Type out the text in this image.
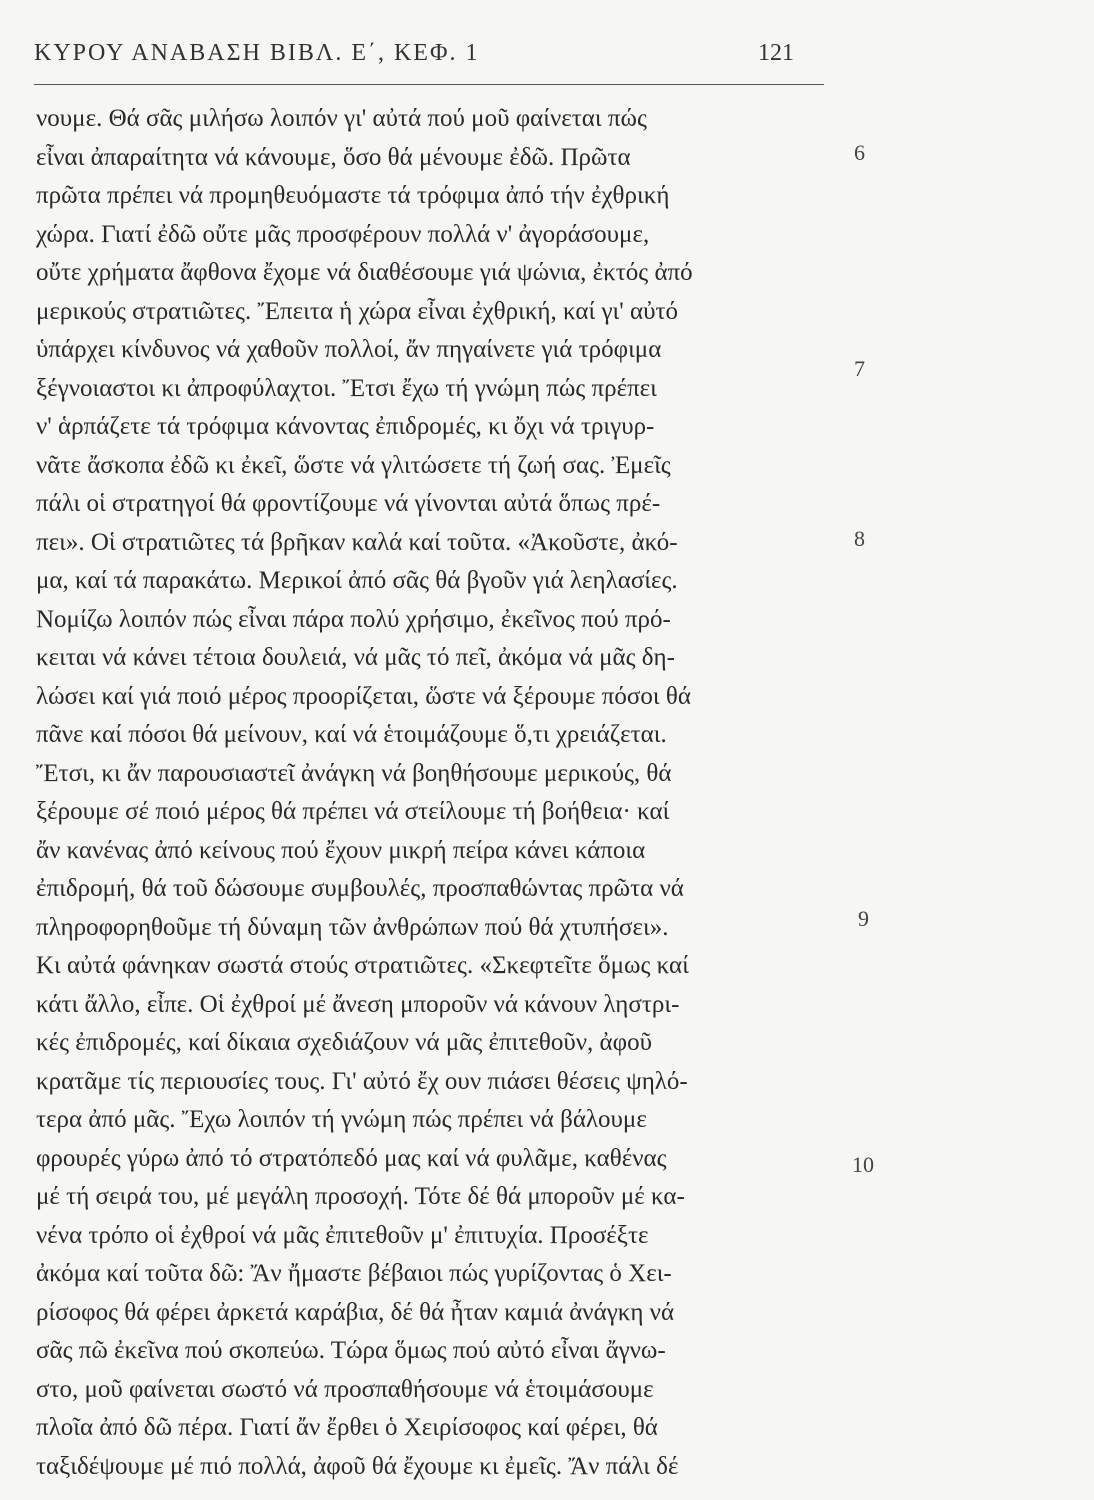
ΚΥΡΟΥ ΑΝΑΒΑΣΗ ΒΙΒΛ. Ε΄, ΚΕΦ. 1	121
νουμε. Θά σᾶς μιλήσω λοιπόν γι' αὐτά πού μοῦ φαίνεται πώς
εἶναι ἀπαραίτητα νά κάνουμε, ὅσο θά μένουμε ἐδῶ. Πρῶτα
πρῶτα πρέπει νά προμηθευόμαστε τά τρόφιμα ἀπό τήν ἐχθρική
χώρα. Γιατί ἐδῶ οὔτε μᾶς προσφέρουν πολλά ν' ἀγοράσουμε,
οὔτε χρήματα ἄφθονα ἔχομε νά διαθέσουμε γιά ψώνια, ἐκτός ἀπό
μερικούς στρατιῶτες. Ἔπειτα ἡ χώρα εἶναι ἐχθρική, καί γι' αὐτό
ὑπάρχει κίνδυνος νά χαθοῦν πολλοί, ἄν πηγαίνετε γιά τρόφιμα
ξέγνοιαστοι κι ἀπροφύλαχτοι. Ἔτσι ἔχω τή γνώμη πώς πρέπει
ν' ἁρπάζετε τά τρόφιμα κάνοντας ἐπιδρομές, κι ὄχι νά τριγυρ-
νᾶτε ἄσκοπα ἐδῶ κι ἐκεῖ, ὥστε νά γλιτώσετε τή ζωή σας. Ἐμεῖς
πάλι οἱ στρατηγοί θά φροντίζουμε νά γίνονται αὐτά ὅπως πρέ-
πει». Οἱ στρατιῶτες τά βρῆκαν καλά καί τοῦτα. «Ἀκοῦστε, ἀκό-
μα, καί τά παρακάτω. Μερικοί ἀπό σᾶς θά βγοῦν γιά λεηλασίες.
Νομίζω λοιπόν πώς εἶναι πάρα πολύ χρήσιμο, ἐκεῖνος πού πρό-
κειται νά κάνει τέτοια δουλειά, νά μᾶς τό πεῖ, ἀκόμα νά μᾶς δη-
λώσει καί γιά ποιό μέρος προορίζεται, ὥστε νά ξέρουμε πόσοι θά
πᾶνε καί πόσοι θά μείνουν, καί νά ἑτοιμάζουμε ὅ,τι χρειάζεται.
Ἔτσι, κι ἄν παρουσιαστεῖ ἀνάγκη νά βοηθήσουμε μερικούς, θά
ξέρουμε σέ ποιό μέρος θά πρέπει νά στείλουμε τή βοήθεια· καί
ἄν κανένας ἀπό κείνους πού ἔχουν μικρή πείρα κάνει κάποια
ἐπιδρομή, θά τοῦ δώσουμε συμβουλές, προσπαθώντας πρῶτα νά
πληροφορηθοῦμε τή δύναμη τῶν ἀνθρώπων πού θά χτυπήσει».
Κι αὐτά φάνηκαν σωστά στούς στρατιῶτες. «Σκεφτεῖτε ὅμως καί
κάτι ἄλλο, εἶπε. Οἱ ἐχθροί μέ ἄνεση μποροῦν νά κάνουν ληστρι-
κές ἐπιδρομές, καί δίκαια σχεδιάζουν νά μᾶς ἐπιτεθοῦν, ἀφοῦ
κρατᾶμε τίς περιουσίες τους. Γι' αὐτό ἔχ ουν πιάσει θέσεις ψηλό-
τερα ἀπό μᾶς. Ἔχω λοιπόν τή γνώμη πώς πρέπει νά βάλουμε
φρουρές γύρω ἀπό τό στρατόπεδό μας καί νά φυλᾶμε, καθένας
μέ τή σειρά του, μέ μεγάλη προσοχή. Τότε δέ θά μποροῦν μέ κα-
νένα τρόπο οἱ ἐχθροί νά μᾶς ἐπιτεθοῦν μ' ἐπιτυχία. Προσέξτε
ἀκόμα καί τοῦτα δῶ: Ἄν ἤμαστε βέβαιοι πώς γυρίζοντας ὁ Χει-
ρίσοφος θά φέρει ἀρκετά καράβια, δέ θά ἦταν καμιά ἀνάγκη νά
σᾶς πῶ ἐκεῖνα πού σκοπεύω. Τώρα ὅμως πού αὐτό εἶναι ἄγνω-
στο, μοῦ φαίνεται σωστό νά προσπαθήσουμε νά ἑτοιμάσουμε
πλοῖα ἀπό δῶ πέρα. Γιατί ἄν ἔρθει ὁ Χειρίσοφος καί φέρει, θά
ταξιδέψουμε μέ πιό πολλά, ἀφοῦ θά ἔχουμε κι ἐμεῖς. Ἄν πάλι δέ
6
7
8
9
10
